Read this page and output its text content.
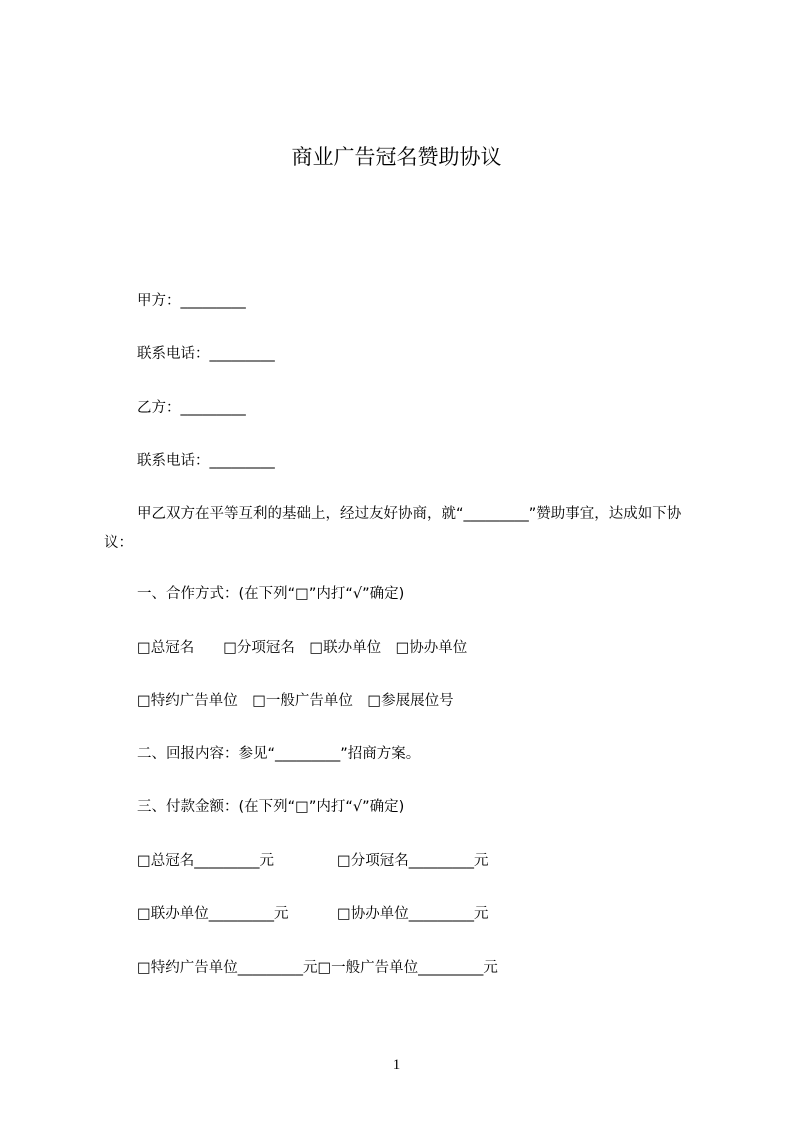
商业广告冠名赞助协议
甲方：_________
联系电话：_________
乙方：_________
联系电话：_________
甲乙双方在平等互利的基础上，经过友好协商，就“_________”赞助事宜，达成如下协议：
一、合作方式：(在下列“□”内打“√”确定)
□总冠名　　□分项冠名　□联办单位　□协办单位
□特约广告单位　□一般广告单位　□参展展位号
二、回报内容：参见“_________”招商方案。
三、付款金额：(在下列“□”内打“√”确定)
□总冠名_________元	□分项冠名_________元
□联办单位_________元	□协办单位_________元
□特约广告单位_________元□一般广告单位_________元
1
